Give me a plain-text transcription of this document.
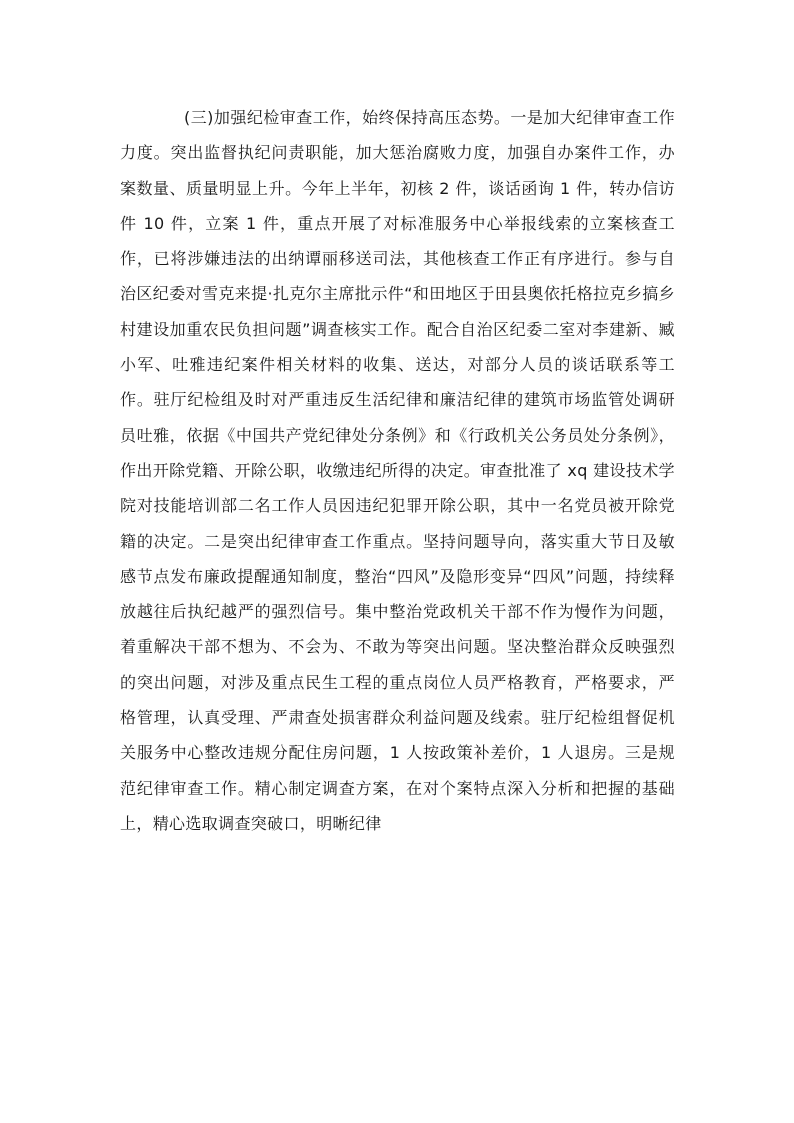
(三)加强纪检审查工作，始终保持高压态势。一是加大纪律审查工作力度。突出监督执纪问责职能，加大惩治腐败力度，加强自办案件工作，办案数量、质量明显上升。今年上半年，初核 2 件，谈话函询 1 件，转办信访件 10 件，立案 1 件，重点开展了对标准服务中心举报线索的立案核查工作，已将涉嫌违法的出纳谭丽移送司法，其他核查工作正有序进行。参与自治区纪委对雪克来提·扎克尔主席批示件“和田地区于田县奥依托格拉克乡搞乡村建设加重农民负担问题”调查核实工作。配合自治区纪委二室对李建新、臧小军、吐雅违纪案件相关材料的收集、送达，对部分人员的谈话联系等工作。驻厅纪检组及时对严重违反生活纪律和廉洁纪律的建筑市场监管处调研员吐雅，依据《中国共产党纪律处分条例》和《行政机关公务员处分条例》，作出开除党籍、开除公职，收缴违纪所得的决定。审查批准了 xq 建设技术学院对技能培训部二名工作人员因违纪犯罪开除公职，其中一名党员被开除党籍的决定。二是突出纪律审查工作重点。坚持问题导向，落实重大节日及敏感节点发布廉政提醒通知制度，整治“四风”及隐形变异“四风”问题，持续释放越往后执纪越严的强烈信号。集中整治党政机关干部不作为慢作为问题，着重解决干部不想为、不会为、不敢为等突出问题。坚决整治群众反映强烈的突出问题，对涉及重点民生工程的重点岗位人员严格教育，严格要求，严格管理，认真受理、严肃查处损害群众利益问题及线索。驻厅纪检组督促机关服务中心整改违规分配住房问题，1 人按政策补差价，1 人退房。三是规范纪律审查工作。精心制定调查方案，在对个案特点深入分析和把握的基础上，精心选取调查突破口，明晰纪律
